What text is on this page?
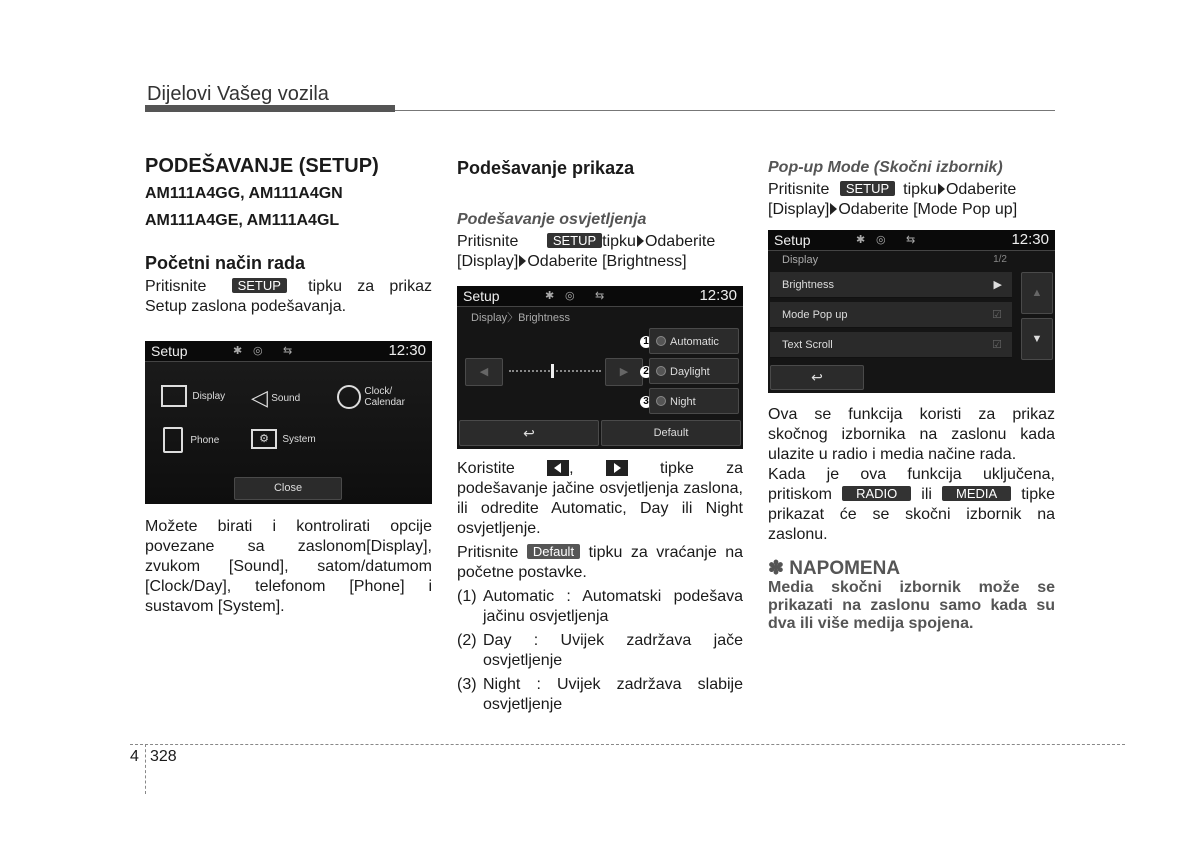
Dijelovi Vašeg vozila

PODEŠAVANJE (SETUP)

AM111A4GG, AM111A4GN

AM111A4GE, AM111A4GL

Početni način rada

Pritisnite SETUP tipku za prikaz Setup zaslona podešavanja.

Setup	✱ ◎ ⇆	12:30
Display ◁ Sound
Clock/ Calendar
Phone	⚙ System
Close
Možete birati i kontrolirati opcije povezane sa zaslonom[Display], zvukom [Sound], satom/datumom [Clock/Day], telefonom [Phone] i sustavom [System].

Podešavanje prikaza

Podešavanje osvjetljenja

Pritisnite	SETUP tipku Odaberite [Display] Odaberite [Brightness]

Setup	✱ ◎ ⇆	12:30
Display〉Brightness
◀	▶
1	Automatic
2	Daylight
3	Night
↩	Default

Koristite	,	tipke za

podešavanje jačine osvjetljenja zaslona, ili odredite Automatic, Day ili Night osvjetljenje.

Pritisnite Default tipku za vraćanje na početne postavke.

(1) Automatic : Automatski podešava jačinu osvjetljenja
(2) Day : Uvijek zadržava jače osvjetljenje
(3) Night : Uvijek zadržava slabije osvjetljenje

Pop-up Mode (Skočni izbornik)

Pritisnite SETUP tipku Odaberite [Display] Odaberite [Mode Pop up]

Setup	✱ ◎ ⇆	12:30
Display	1/2
Brightness	▶
Mode Pop up	☑
Text Scroll	☑
▲
▼
↩

Ova se funkcija koristi za prikaz skočnog izbornika na zaslonu kada ulazite u radio i media načine rada.

Kada je ova funkcija uključena, pritiskom RADIO ili MEDIA tipke prikazat će se skočni izbornik na zaslonu.

✽ NAPOMENA

Media skočni izbornik može se prikazati na zaslonu samo kada su dva ili više medija spojena.

4 328
